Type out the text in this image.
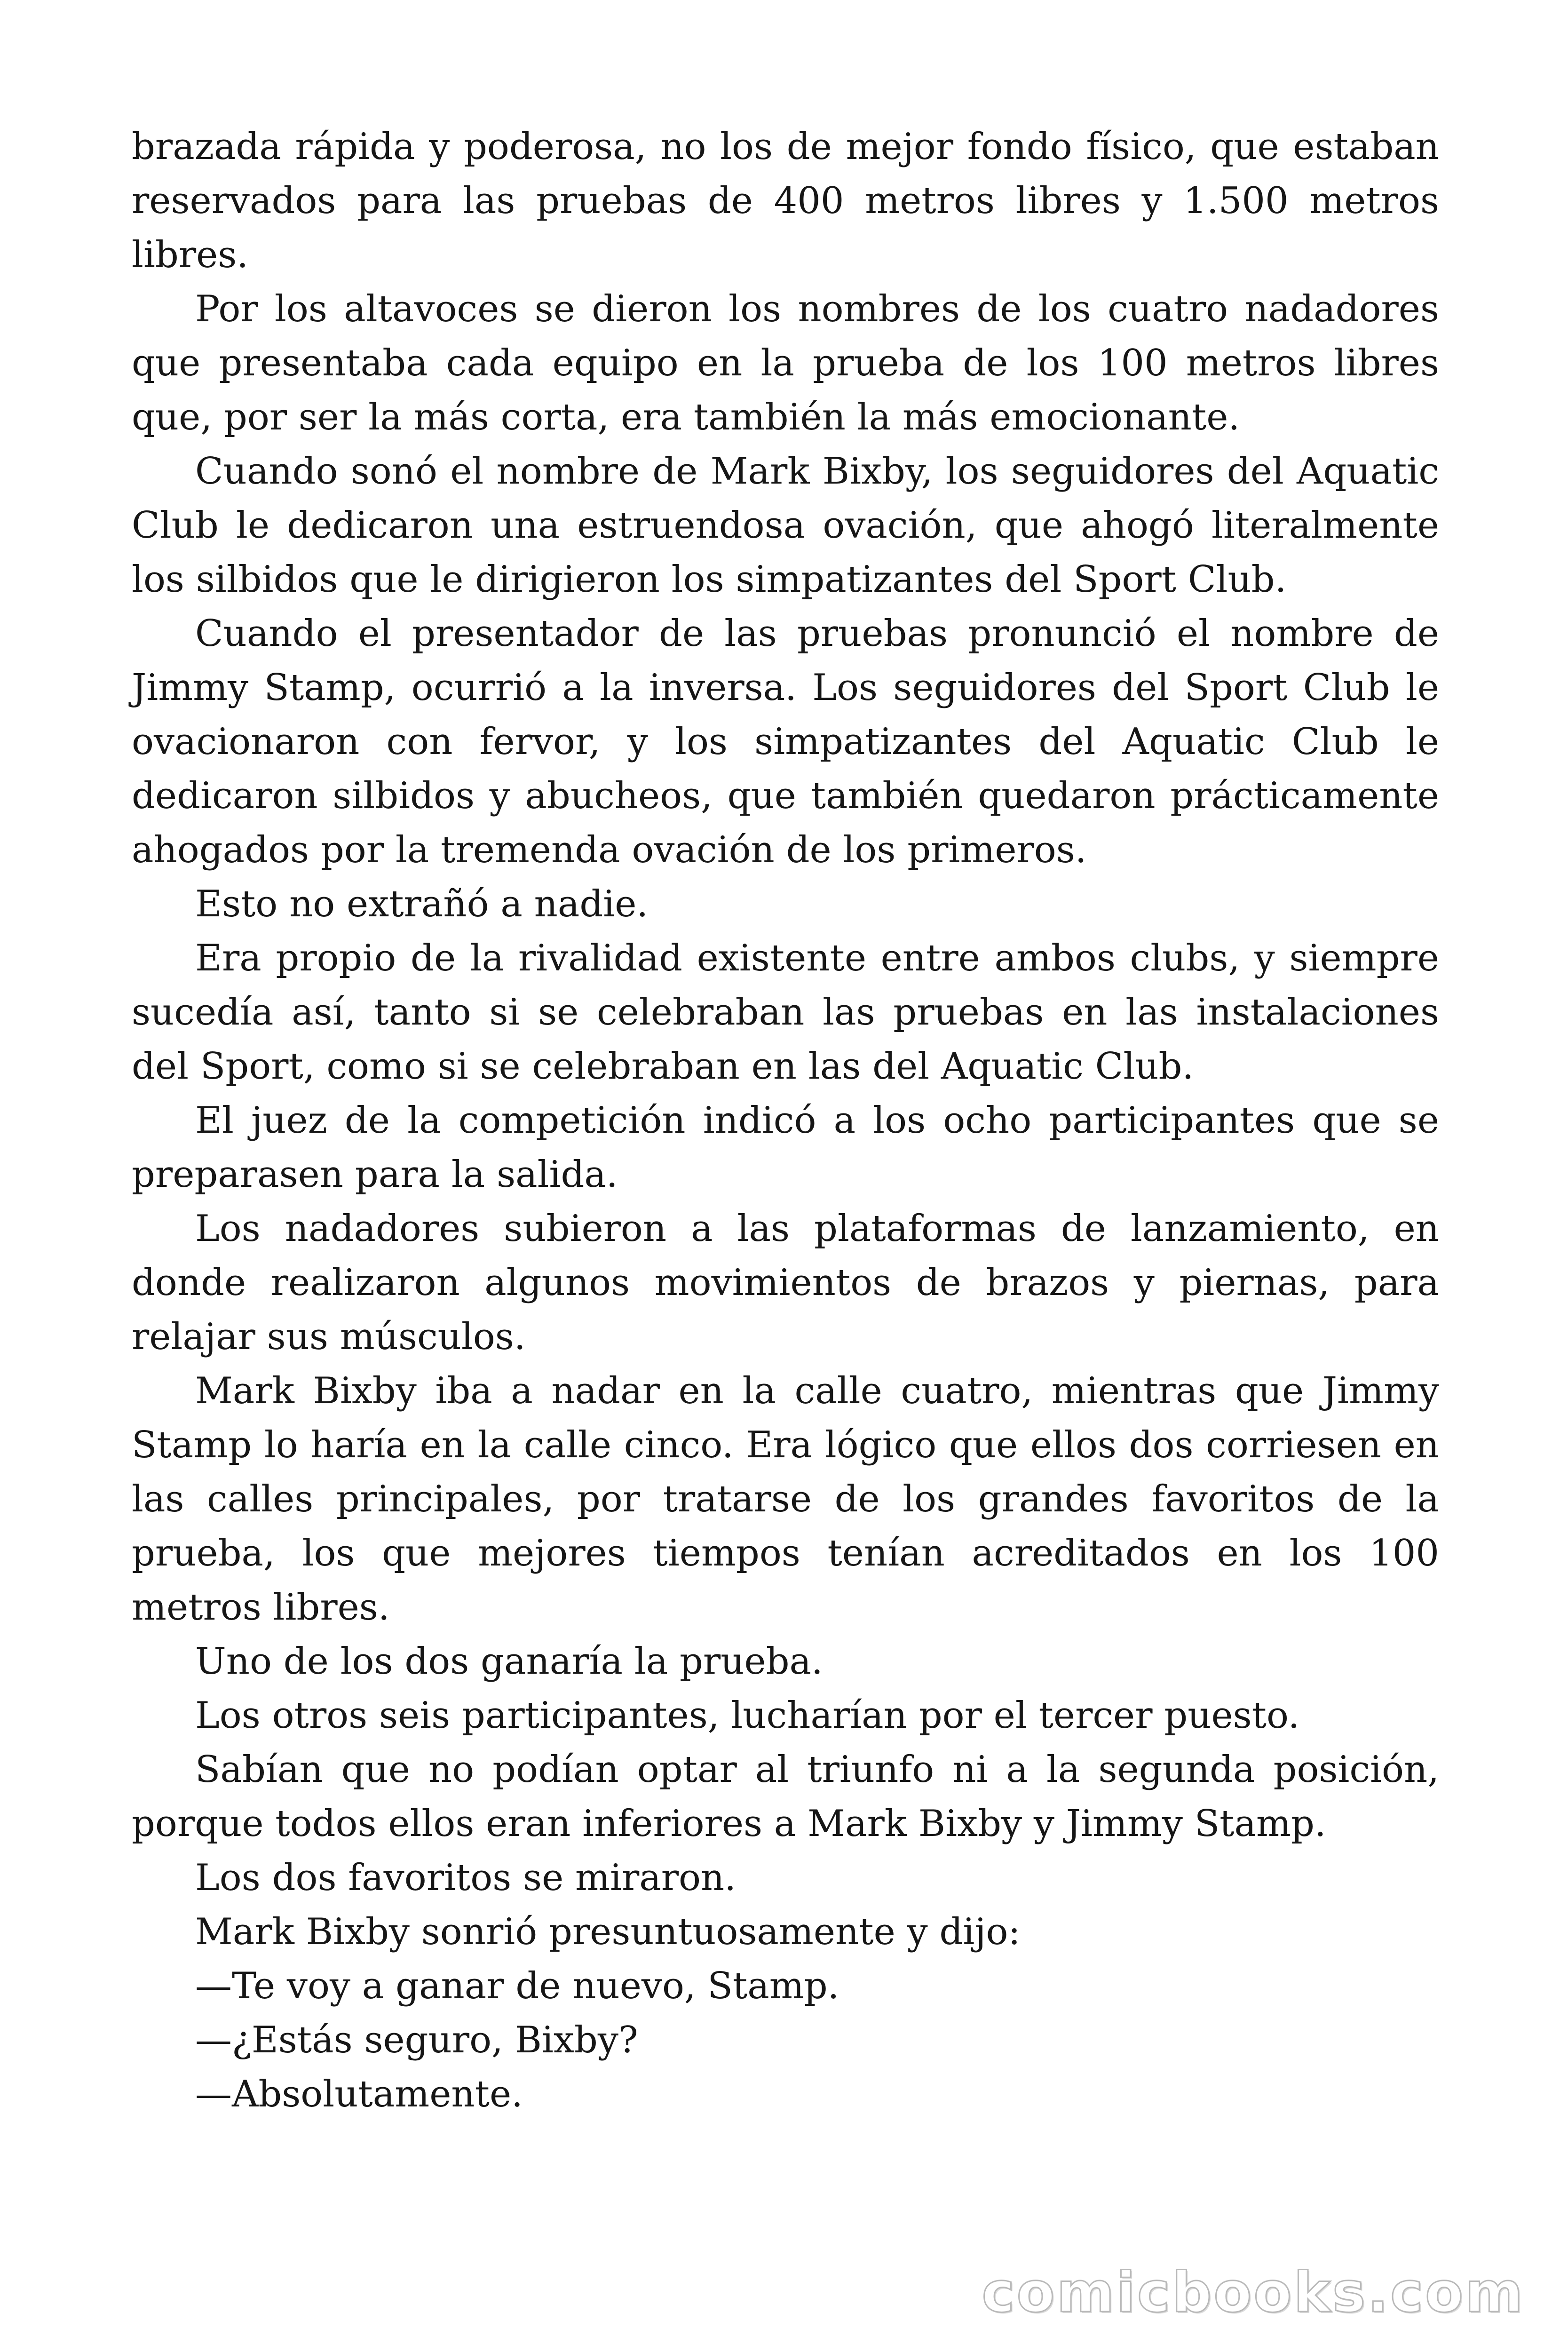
brazada rápida y poderosa, no los de mejor fondo físico, que estaban reservados para las pruebas de 400 metros libres y 1.500 metros libres.

Por los altavoces se dieron los nombres de los cuatro nadadores que presentaba cada equipo en la prueba de los 100 metros libres que, por ser la más corta, era también la más emocionante.

Cuando sonó el nombre de Mark Bixby, los seguidores del Aquatic Club le dedicaron una estruendosa ovación, que ahogó literalmente los silbidos que le dirigieron los simpatizantes del Sport Club.

Cuando el presentador de las pruebas pronunció el nombre de Jimmy Stamp, ocurrió a la inversa. Los seguidores del Sport Club le ovacionaron con fervor, y los simpatizantes del Aquatic Club le dedicaron silbidos y abucheos, que también quedaron prácticamente ahogados por la tremenda ovación de los primeros.

Esto no extrañó a nadie.

Era propio de la rivalidad existente entre ambos clubs, y siempre sucedía así, tanto si se celebraban las pruebas en las instalaciones del Sport, como si se celebraban en las del Aquatic Club.

El juez de la competición indicó a los ocho participantes que se preparasen para la salida.

Los nadadores subieron a las plataformas de lanzamiento, en donde realizaron algunos movimientos de brazos y piernas, para relajar sus músculos.

Mark Bixby iba a nadar en la calle cuatro, mientras que Jimmy Stamp lo haría en la calle cinco. Era lógico que ellos dos corriesen en las calles principales, por tratarse de los grandes favoritos de la prueba, los que mejores tiempos tenían acreditados en los 100 metros libres.

Uno de los dos ganaría la prueba.

Los otros seis participantes, lucharían por el tercer puesto.

Sabían que no podían optar al triunfo ni a la segunda posición, porque todos ellos eran inferiores a Mark Bixby y Jimmy Stamp.

Los dos favoritos se miraron.

Mark Bixby sonrió presuntuosamente y dijo:

—Te voy a ganar de nuevo, Stamp.

—¿Estás seguro, Bixby?

—Absolutamente.

comicbooks.com
